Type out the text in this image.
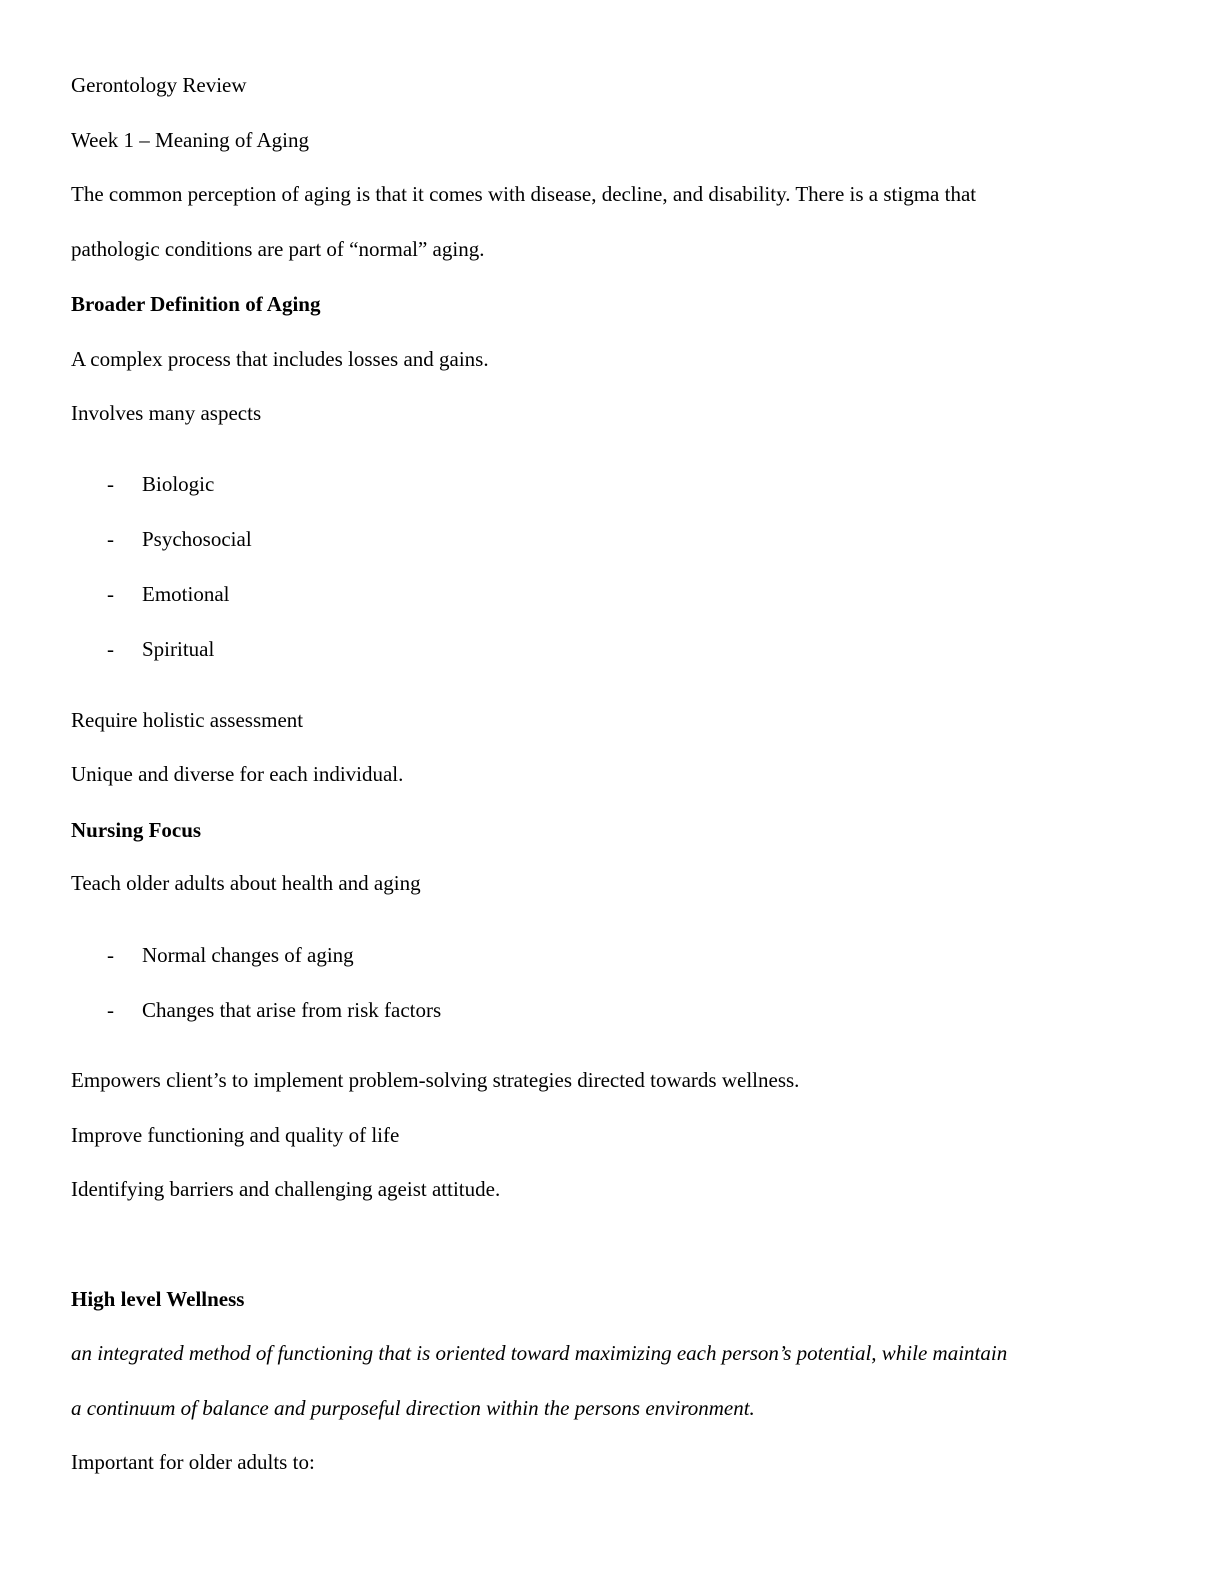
Gerontology Review
Week 1 – Meaning of Aging
The common perception of aging is that it comes with disease, decline, and disability. There is a stigma that
pathologic conditions are part of “normal” aging.
Broader Definition of Aging
A complex process that includes losses and gains.
Involves many aspects
- Biologic
- Psychosocial
- Emotional
- Spiritual
Require holistic assessment
Unique and diverse for each individual.
Nursing Focus
Teach older adults about health and aging
- Normal changes of aging
- Changes that arise from risk factors
Empowers client’s to implement problem-solving strategies directed towards wellness.
Improve functioning and quality of life
Identifying barriers and challenging ageist attitude.
High level Wellness
an integrated method of functioning that is oriented toward maximizing each person’s potential, while maintain
a continuum of balance and purposeful direction within the persons environment.
Important for older adults to:
